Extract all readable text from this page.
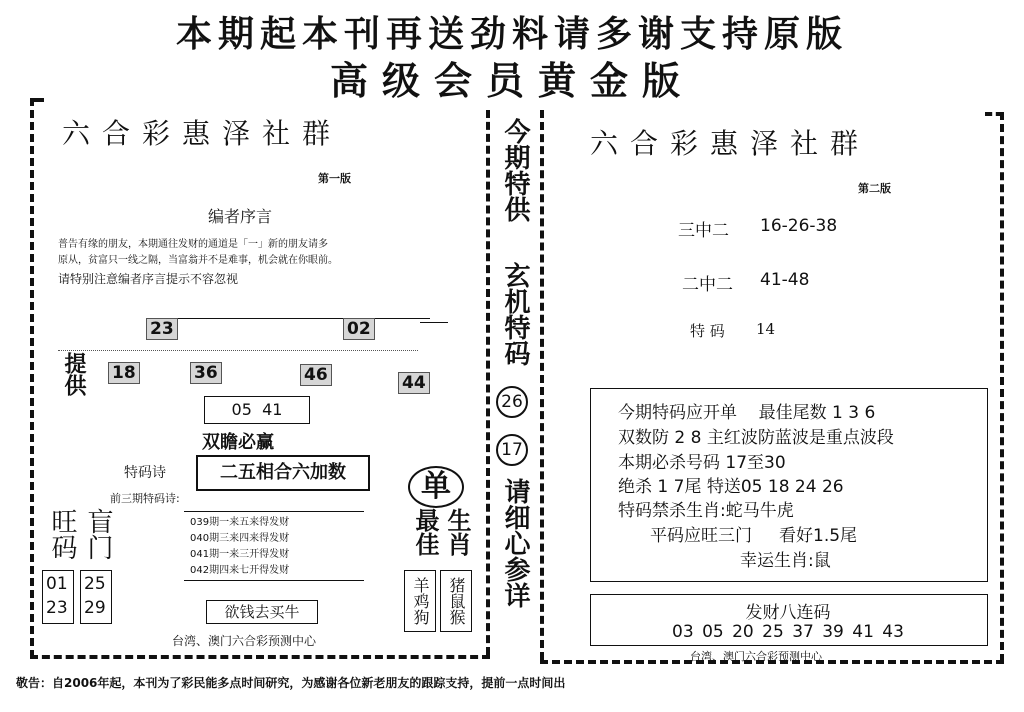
本期起本刊再送劲料请多谢支持原版
高级会员黄金版
六合彩惠泽社群
第一版
编者序言
普告有缘的朋友，本期通往发财的通道是「一」新的朋友请多
原从，贫富只一线之隔，当富翁并不是难事，机会就在你眼前。
请特别注意编者序言提示不容忽视
23	02
提供 18	36	46	44
05  41
双瞻必赢
特码诗	二五相合六加数
前三期特码诗:
039期一来五来得发财
040期三来四来得发财
041期一来三开得发财
042期四来七开得发财
旺码 盲门
01
23
25
29	欲钱去买牛
单
最佳 生肖
羊鸡狗	猪鼠猴
台湾、澳门六合彩预测中心
今期特供
玄机特码
26
17
请细心参详
六合彩惠泽社群
第二版
三中二 16-26-38
二中二 41-48
特 码 14
今期特码应开单    最佳尾数 1 3 6
双数防 2 8 主红波防蓝波是重点波段
本期必杀号码 17至30
绝杀 1 7尾 特送05 18 24 26
特码禁杀生肖:蛇马牛虎
平码应旺三门     看好1.5尾
幸运生肖:鼠
发财八连码
03 05 20 25 37 39 41 43
台湾、澳门六合彩预测中心
敬告：自2006年起，本刊为了彩民能多点时间研究，为感谢各位新老朋友的跟踪支持，提前一点时间出
